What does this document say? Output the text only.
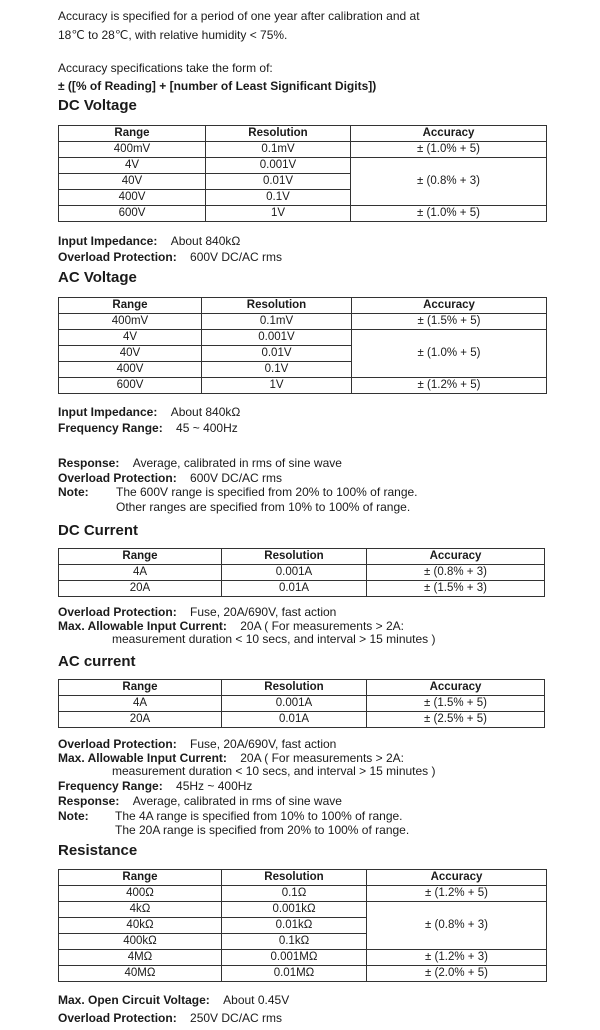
Accuracy is specified for a period of one year after calibration and at
18℃ to 28℃, with relative humidity < 75%.
Accuracy specifications take the form of:
± ([% of Reading] + [number of Least Significant Digits])
DC Voltage
Range	Resolution	Accuracy
400mV	0.1mV	± (1.0% + 5)
4V	0.001V	± (0.8% + 3)
40V	0.01V	
400V	0.1V	
600V	1V	± (1.0% + 5)
Input Impedance: About 840kΩ
Overload Protection: 600V DC/AC rms
AC Voltage
Range	Resolution	Accuracy
400mV	0.1mV	± (1.5% + 5)
4V	0.001V	± (1.0% + 5)
40V	0.01V	
400V	0.1V	
600V	1V	± (1.2% + 5)
Input Impedance: About 840kΩ
Frequency Range: 45 ~ 400Hz
Response: Average, calibrated in rms of sine wave
Overload Protection: 600V DC/AC rms
Note: The 600V range is specified from 20% to 100% of range.
Other ranges are specified from 10% to 100% of range.
DC Current
Range	Resolution	Accuracy
4A	0.001A	± (0.8% + 3)
20A	0.01A	± (1.5% + 3)
Overload Protection: Fuse, 20A/690V, fast action
Max. Allowable Input Current: 20A ( For measurements > 2A:
measurement duration < 10 secs, and interval > 15 minutes )
AC current
Range	Resolution	Accuracy
4A	0.001A	± (1.5% + 5)
20A	0.01A	± (2.5% + 5)
Overload Protection: Fuse, 20A/690V, fast action
Max. Allowable Input Current: 20A ( For measurements > 2A:
measurement duration < 10 secs, and interval > 15 minutes )
Frequency Range: 45Hz ~ 400Hz
Response: Average, calibrated in rms of sine wave
Note: The 4A range is specified from 10% to 100% of range.
The 20A range is specified from 20% to 100% of range.
Resistance
Range	Resolution	Accuracy
400Ω	0.1Ω	± (1.2% + 5)
4kΩ	0.001kΩ	± (0.8% + 3)
40kΩ	0.01kΩ	
400kΩ	0.1kΩ	
4MΩ	0.001MΩ	± (1.2% + 3)
40MΩ	0.01MΩ	± (2.0% + 5)
Max. Open Circuit Voltage: About 0.45V
Overload Protection: 250V DC/AC rms
